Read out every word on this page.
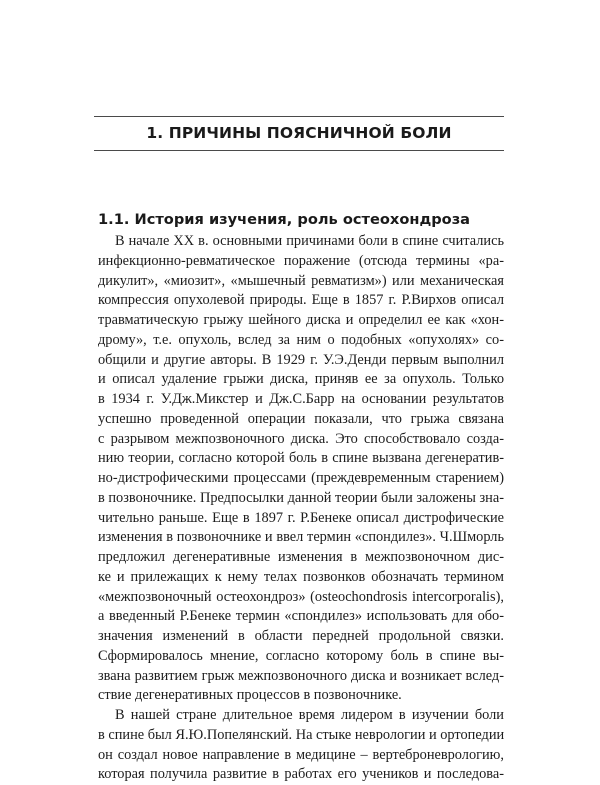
1. ПРИЧИНЫ ПОЯСНИЧНОЙ БОЛИ
1.1. История изучения, роль остеохондроза
В начале XX в. основными причинами боли в спине считались
инфекционно-ревматическое поражение (отсюда термины «ра-
дикулит», «миозит», «мышечный ревматизм») или механическая
компрессия опухолевой природы. Еще в 1857 г. Р.Вирхов описал
травматическую грыжу шейного диска и определил ее как «хон-
дрому», т.е. опухоль, вслед за ним о подобных «опухолях» со-
общили и другие авторы. В 1929 г. У.Э.Денди первым выполнил
и описал удаление грыжи диска, приняв ее за опухоль. Только
в 1934 г. У.Дж.Микстер и Дж.С.Барр на основании результатов
успешно проведенной операции показали, что грыжа связана
с разрывом межпозвоночного диска. Это способствовало созда-
нию теории, согласно которой боль в спине вызвана дегенератив-
но-дистрофическими процессами (преждевременным старением)
в позвоночнике. Предпосылки данной теории были заложены зна-
чительно раньше. Еще в 1897 г. Р.Бенеке описал дистрофические
изменения в позвоночнике и ввел термин «спондилез». Ч.Шморль
предложил дегенеративные изменения в межпозвоночном дис-
ке и прилежащих к нему телах позвонков обозначать термином
«межпозвоночный остеохондроз» (osteochondrosis intercorporalis),
а введенный Р.Бенеке термин «спондилез» использовать для обо-
значения изменений в области передней продольной связки.
Сформировалось мнение, согласно которому боль в спине вы-
звана развитием грыж межпозвоночного диска и возникает вслед-
ствие дегенеративных процессов в позвоночнике.
В нашей стране длительное время лидером в изучении боли
в спине был Я.Ю.Попелянский. На стыке неврологии и ортопедии
он создал новое направление в медицине – вертеброневрологию,
которая получила развитие в работах его учеников и последова-
